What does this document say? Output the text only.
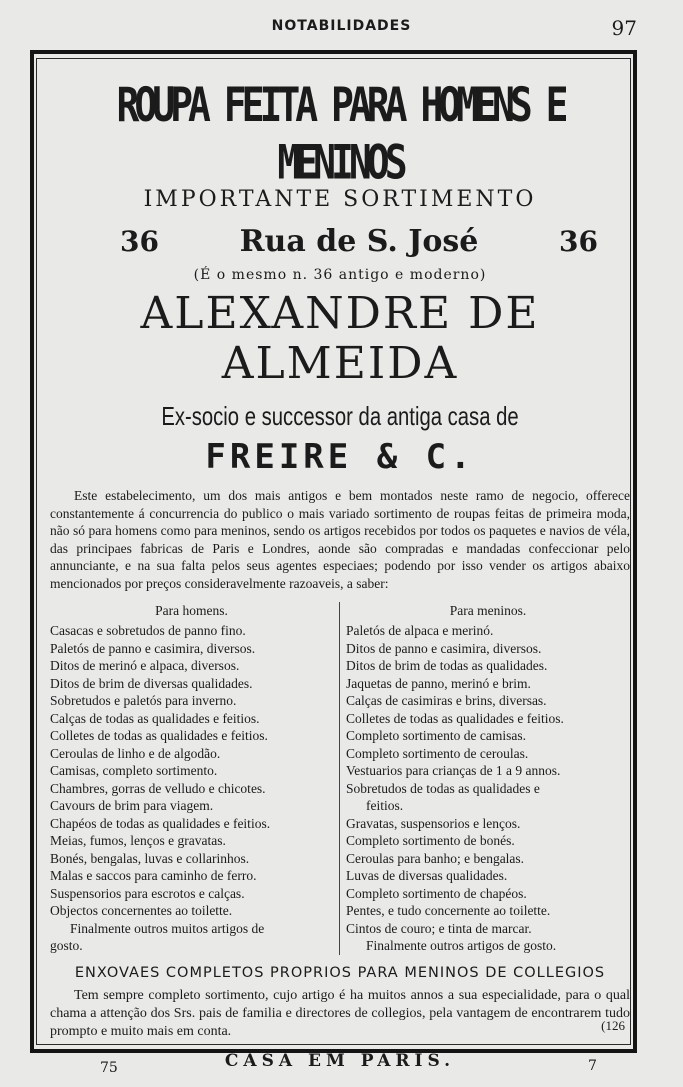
NOTABILIDADES	97
ROUPA FEITA PARA HOMENS E MENINOS
IMPORTANTE SORTIMENTO
36	Rua de S. José	36
(É o mesmo n. 36 antigo e moderno)
ALEXANDRE DE ALMEIDA
Ex-socio e successor da antiga casa de
FREIRE & C.

Este estabelecimento, um dos mais antigos e bem montados neste ramo de negocio, offerece constantemente á concurrencia do publico o mais variado sortimento de roupas feitas de primeira moda, não só para homens como para meninos, sendo os artigos recebidos por todos os paquetes e navios de véla, das principaes fabricas de Paris e Londres, aonde são compradas e mandadas confeccionar pelo annunciante, e na sua falta pelos seus agentes especiaes; podendo por isso vender os artigos abaixo mencionados por preços consideravelmente razoaveis, a saber:

Para homens.
Casacas e sobretudos de panno fino.
Paletós de panno e casimira, diversos.
Ditos de merinó e alpaca, diversos.
Ditos de brim de diversas qualidades.
Sobretudos e paletós para inverno.
Calças de todas as qualidades e feitios.
Colletes de todas as qualidades e feitios.
Ceroulas de linho e de algodão.
Camisas, completo sortimento.
Chambres, gorras de velludo e chicotes.
Cavours de brim para viagem.
Chapéos de todas as qualidades e feitios.
Meias, fumos, lenços e gravatas.
Bonés, bengalas, luvas e collarinhos.
Malas e saccos para caminho de ferro.
Suspensorios para escrotos e calças.
Objectos concernentes ao toilette.
Finalmente outros muitos artigos de
gosto.
Para meninos.
Paletós de alpaca e merinó.
Ditos de panno e casimira, diversos.
Ditos de brim de todas as qualidades.
Jaquetas de panno, merinó e brim.
Calças de casimiras e brins, diversas.
Colletes de todas as qualidades e feitios.
Completo sortimento de camisas.
Completo sortimento de ceroulas.
Vestuarios para crianças de 1 a 9 annos.
Sobretudos de todas as qualidades e
feitios.
Gravatas, suspensorios e lenços.
Completo sortimento de bonés.
Ceroulas para banho; e bengalas.
Luvas de diversas qualidades.
Completo sortimento de chapéos.
Pentes, e tudo concernente ao toilette.
Cintos de couro; e tinta de marcar.
Finalmente outros artigos de gosto.
ENXOVAES COMPLETOS PROPRIOS PARA MENINOS DE COLLEGIOS
Tem sempre completo sortimento, cujo artigo é ha muitos annos a sua especialidade, para o qual chama a attenção dos Srs. pais de familia e directores de collegios, pela vantagem de encontrarem tudo prompto e muito mais em conta.
CASA EM PARIS.
(126
75	7
